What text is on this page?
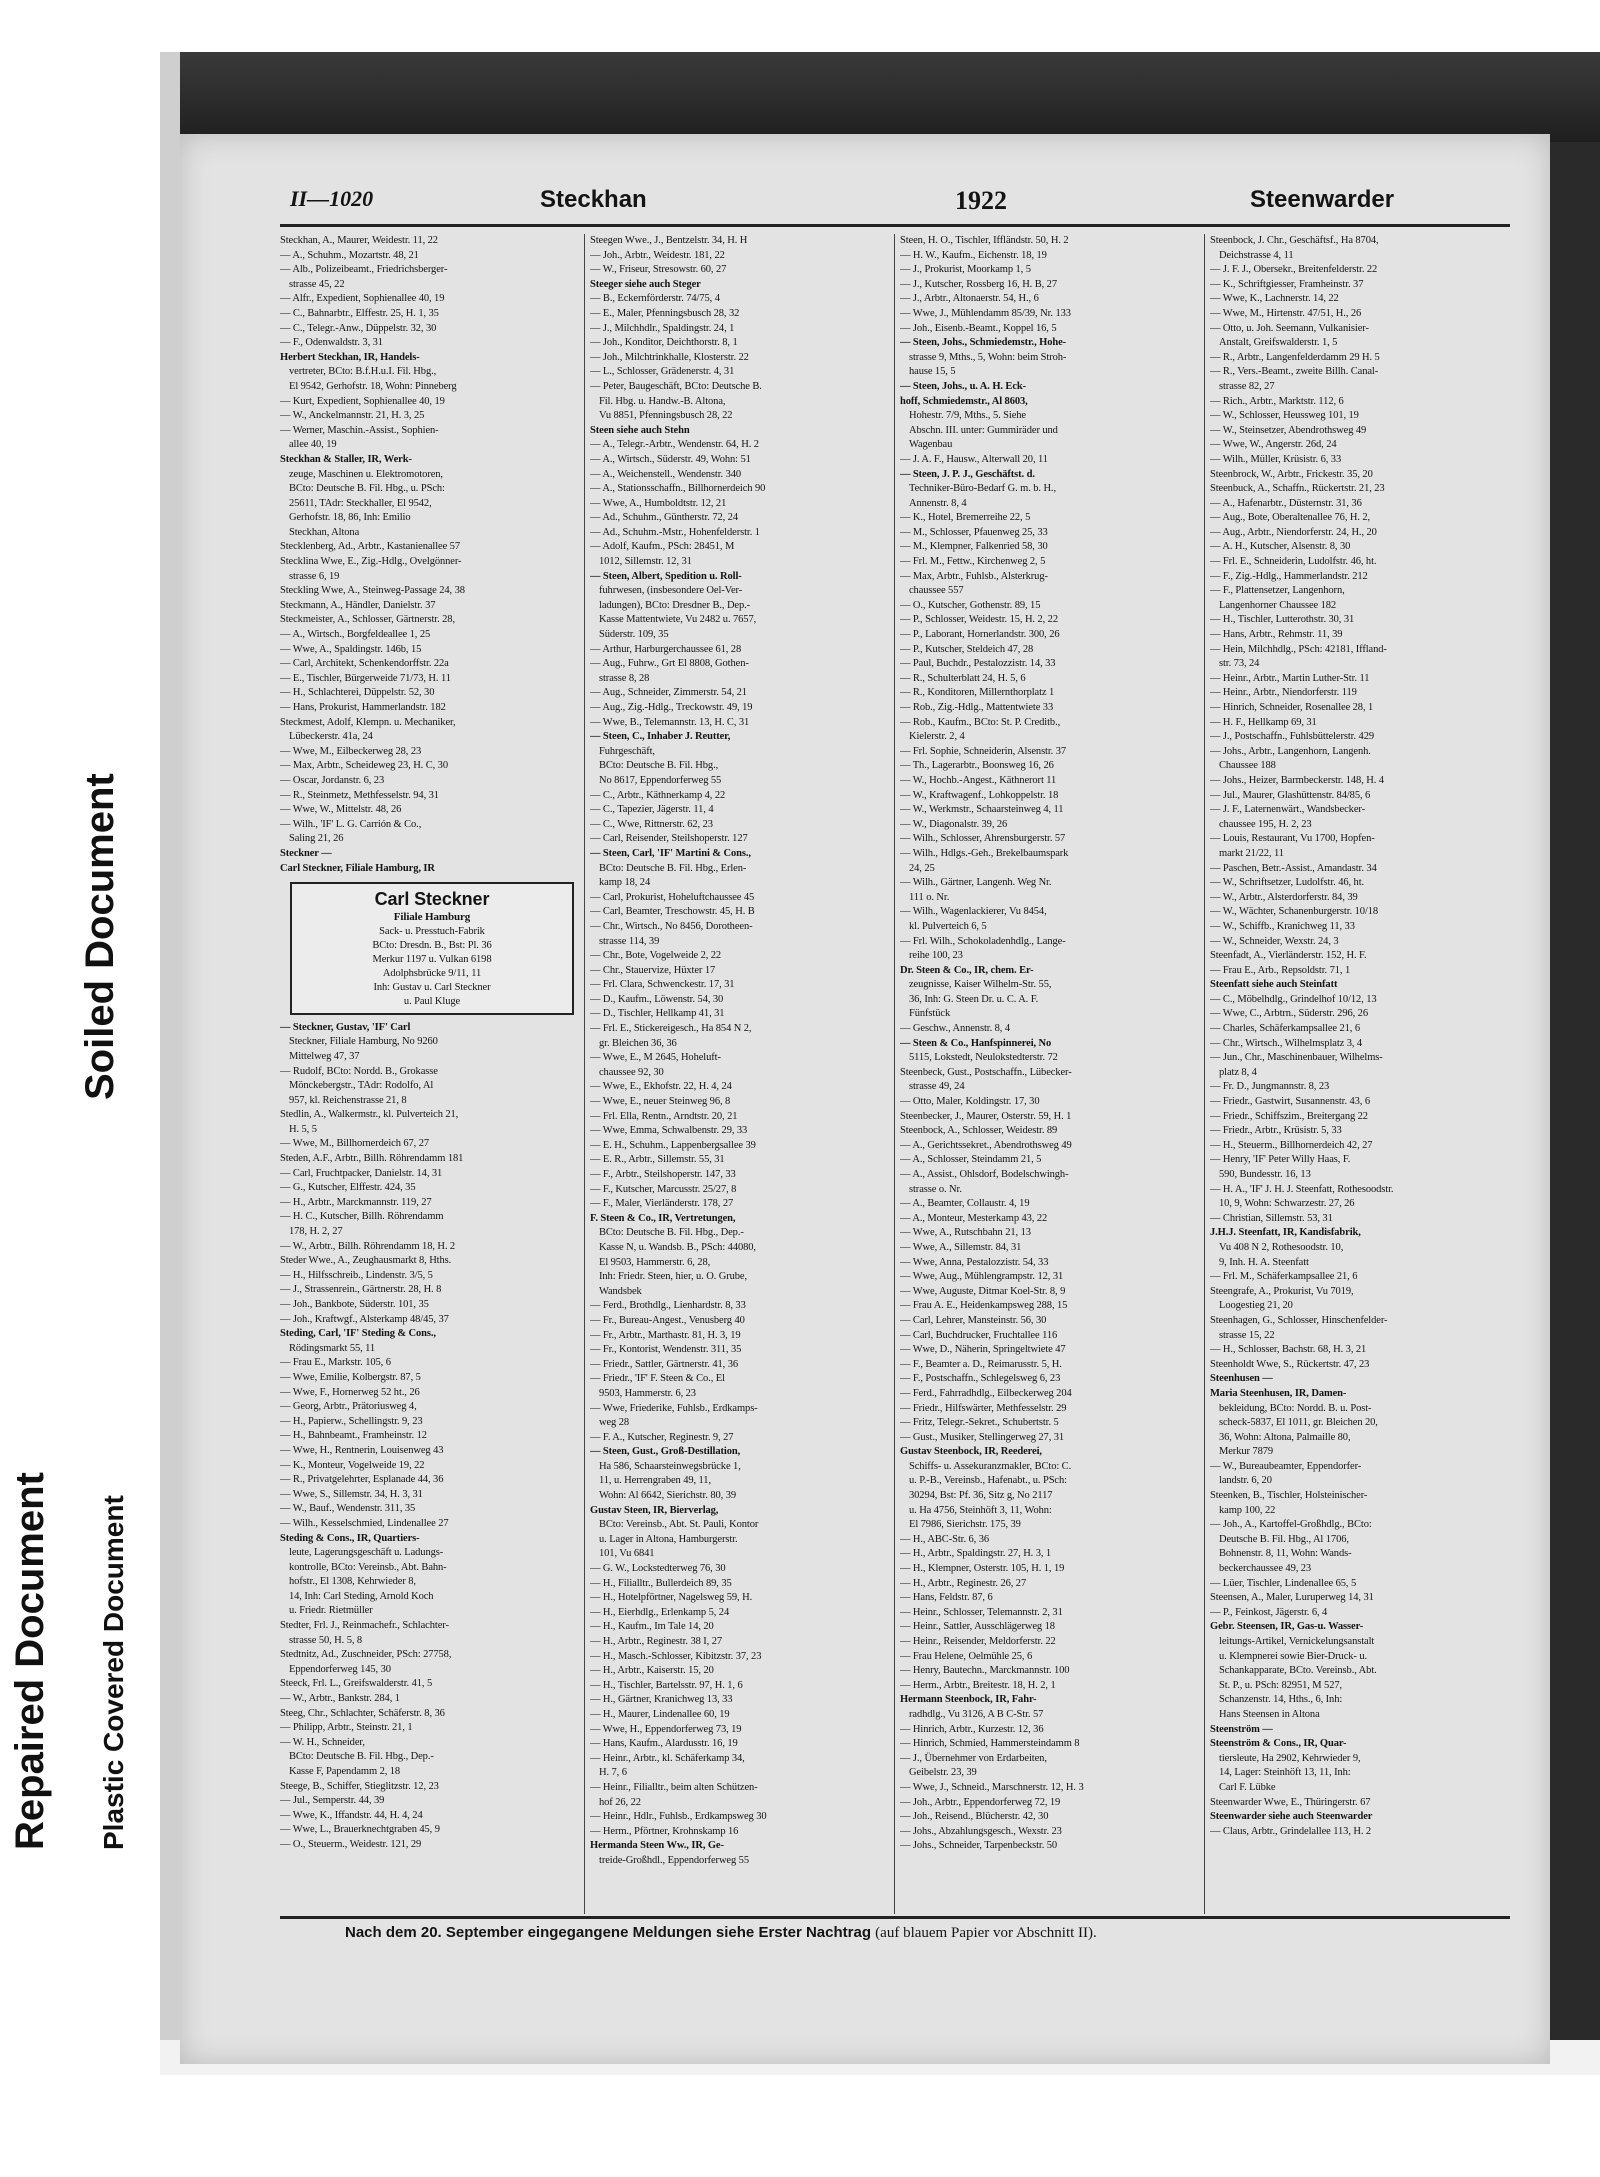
Soiled Document
Repaired Document Plastic Covered Document
II—1020	Steckhan	1922	Steenwarder
Steckhan, A., Maurer, Weidestr. 11, 22
— A., Schuhm., Mozartstr. 48, 21
— Alb., Polizeibeamt., Friedrichsberger-
strasse 45, 22
— Alfr., Expedient, Sophienallee 40, 19
— C., Bahnarbtr., Elffestr. 25, H. 1, 35
— C., Telegr.-Anw., Düppelstr. 32, 30
— F., Odenwaldstr. 3, 31
Herbert Steckhan, IR, Handels-
vertreter, BCto: B.f.H.u.I. Fil. Hbg.,
El 9542, Gerhofstr. 18, Wohn: Pinneberg
— Kurt, Expedient, Sophienallee 40, 19
— W., Anckelmannstr. 21, H. 3, 25
— Werner, Maschin.-Assist., Sophien-
allee 40, 19
Steckhan & Staller, IR, Werk-
zeuge, Maschinen u. Elektromotoren,
BCto: Deutsche B. Fil. Hbg., u. PSch:
25611, TAdr: Steckhaller, El 9542,
Gerhofstr. 18, 86, Inh: Emilio
Steckhan, Altona
Stecklenberg, Ad., Arbtr., Kastanienallee 57
Stecklina Wwe, E., Zig.-Hdlg., Ovelgönner-
strasse 6, 19
Steckling Wwe, A., Steinweg-Passage 24, 38
Steckmann, A., Händler, Danielstr. 37
Steckmeister, A., Schlosser, Gärtnerstr. 28,
— A., Wirtsch., Borgfeldeallee 1, 25
— Wwe, A., Spaldingstr. 146b, 15
— Carl, Architekt, Schenkendorffstr. 22a
— E., Tischler, Bürgerweide 71/73, H. 11
— H., Schlachterei, Düppelstr. 52, 30
— Hans, Prokurist, Hammerlandstr. 182
Steckmest, Adolf, Klempn. u. Mechaniker,
Lübeckerstr. 41a, 24
— Wwe, M., Eilbeckerweg 28, 23
— Max, Arbtr., Scheideweg 23, H. C, 30
— Oscar, Jordanstr. 6, 23
— R., Steinmetz, Methfesselstr. 94, 31
— Wwe, W., Mittelstr. 48, 26
— Wilh., 'IF' L. G. Carrión & Co.,
Saling 21, 26
Steckner —
Carl Steckner, Filiale Hamburg, IR
Carl Steckner
Filiale Hamburg
Sack- u. Presstuch-Fabrik
BCto: Dresdn. B., Bst: Pl. 36
Merkur 1197 u. Vulkan 6198
Adolphsbrücke 9/11, 11
Inh: Gustav u. Carl Steckner
u. Paul Kluge
— Steckner, Gustav, 'IF' Carl
Steckner, Filiale Hamburg, No 9260
Mittelweg 47, 37
— Rudolf, BCto: Nordd. B., Grokasse
Mönckebergstr., TAdr: Rodolfo, Al
957, kl. Reichenstrasse 21, 8
Stedlin, A., Walkermstr., kl. Pulverteich 21,
H. 5, 5
— Wwe, M., Billhornerdeich 67, 27
Steden, A.F., Arbtr., Billh. Röhrendamm 181
— Carl, Fruchtpacker, Danielstr. 14, 31
— G., Kutscher, Elffestr. 424, 35
— H., Arbtr., Marckmannstr. 119, 27
— H. C., Kutscher, Billh. Röhrendamm
178, H. 2, 27
— W., Arbtr., Billh. Röhrendamm 18, H. 2
Steder Wwe., A., Zeughausmarkt 8, Hths.
— H., Hilfsschreib., Lindenstr. 3/5, 5
— J., Strassenrein., Gärtnerstr. 28, H. 8
— Joh., Bankbote, Süderstr. 101, 35
— Joh., Kraftwgf., Alsterkamp 48/45, 37
Steding, Carl, 'IF' Steding & Cons.,
Rödingsmarkt 55, 11
— Frau E., Markstr. 105, 6
— Wwe, Emilie, Kolbergstr. 87, 5
— Wwe, F., Hornerweg 52 ht., 26
— Georg, Arbtr., Prätoriusweg 4,
— H., Papierw., Schellingstr. 9, 23
— H., Bahnbeamt., Framheinstr. 12
— Wwe, H., Rentnerin, Louisenweg 43
— K., Monteur, Vogelweide 19, 22
— R., Privatgelehrter, Esplanade 44, 36
— Wwe, S., Sillemstr. 34, H. 3, 31
— W., Bauf., Wendenstr. 311, 35
— Wilh., Kesselschmied, Lindenallee 27
Steding & Cons., IR, Quartiers-
leute, Lagerungsgeschäft u. Ladungs-
kontrolle, BCto: Vereinsb., Abt. Bahn-
hofstr., El 1308, Kehrwieder 8,
14, Inh: Carl Steding, Arnold Koch
u. Friedr. Rietmüller
Stedter, Frl. J., Reinmachefr., Schlachter-
strasse 50, H. 5, 8
Stedtnitz, Ad., Zuschneider, PSch: 27758,
Eppendorferweg 145, 30
Steeck, Frl. L., Greifswalderstr. 41, 5
— W., Arbtr., Bankstr. 284, 1
Steeg, Chr., Schlachter, Schäferstr. 8, 36
— Philipp, Arbtr., Steinstr. 21, 1
— W. H., Schneider,
BCto: Deutsche B. Fil. Hbg., Dep.-
Kasse F, Papendamm 2, 18
Steege, B., Schiffer, Stieglitzstr. 12, 23
— Jul., Semperstr. 44, 39
— Wwe, K., Iffandstr. 44, H. 4, 24
— Wwe, L., Brauerknechtgraben 45, 9
— O., Steuerm., Weidestr. 121, 29
Steegen Wwe., J., Bentzelstr. 34, H. H
— Joh., Arbtr., Weidestr. 181, 22
— W., Friseur, Stresowstr. 60, 27
Steeger siehe auch Steger
— B., Eckernförderstr. 74/75, 4
— E., Maler, Pfenningsbusch 28, 32
— J., Milchhdlr., Spaldingstr. 24, 1
— Joh., Konditor, Deichthorstr. 8, 1
— Joh., Milchtrinkhalle, Klosterstr. 22
— L., Schlosser, Grädenerstr. 4, 31
— Peter, Baugeschäft, BCto: Deutsche B.
Fil. Hbg. u. Handw.-B. Altona,
Vu 8851, Pfenningsbusch 28, 22
Steen siehe auch Stehn
— A., Telegr.-Arbtr., Wendenstr. 64, H. 2
— A., Wirtsch., Süderstr. 49, Wohn: 51
— A., Weichenstell., Wendenstr. 340
— A., Stationsschaffn., Billhornerdeich 90
— Wwe, A., Humboldtstr. 12, 21
— Ad., Schuhm., Güntherstr. 72, 24
— Ad., Schuhm.-Mstr., Hohenfelderstr. 1
— Adolf, Kaufm., PSch: 28451, M
1012, Sillemstr. 12, 31
— Steen, Albert, Spedition u. Roll-
fuhrwesen, (insbesondere Oel-Ver-
ladungen), BCto: Dresdner B., Dep.-
Kasse Mattentwiete, Vu 2482 u. 7657,
Süderstr. 109, 35
— Arthur, Harburgerchaussee 61, 28
— Aug., Fuhrw., Grt El 8808, Gothen-
strasse 8, 28
— Aug., Schneider, Zimmerstr. 54, 21
— Aug., Zig.-Hdlg., Treckowstr. 49, 19
— Wwe, B., Telemannstr. 13, H. C, 31
— Steen, C., Inhaber J. Reutter,
Fuhrgeschäft,
BCto: Deutsche B. Fil. Hbg.,
No 8617, Eppendorferweg 55
— C., Arbtr., Käthnerkamp 4, 22
— C., Tapezier, Jägerstr. 11, 4
— C., Wwe, Rittnerstr. 62, 23
— Carl, Reisender, Steilshoperstr. 127
— Steen, Carl, 'IF' Martini & Cons.,
BCto: Deutsche B. Fil. Hbg., Erlen-
kamp 18, 24
— Carl, Prokurist, Hoheluftchaussee 45
— Carl, Beamter, Treschowstr. 45, H. B
— Chr., Wirtsch., No 8456, Dorotheen-
strasse 114, 39
— Chr., Bote, Vogelweide 2, 22
— Chr., Stauervize, Hüxter 17
— Frl. Clara, Schwenckestr. 17, 31
— D., Kaufm., Löwenstr. 54, 30
— D., Tischler, Hellkamp 41, 31
— Frl. E., Stickereigesch., Ha 854 N 2,
gr. Bleichen 36, 36
— Wwe, E., M 2645, Hoheluft-
chaussee 92, 30
— Wwe, E., Ekhofstr. 22, H. 4, 24
— Wwe, E., neuer Steinweg 96, 8
— Frl. Ella, Rentn., Arndtstr. 20, 21
— Wwe, Emma, Schwalbenstr. 29, 33
— E. H., Schuhm., Lappenbergsallee 39
— E. R., Arbtr., Sillemstr. 55, 31
— F., Arbtr., Steilshoperstr. 147, 33
— F., Kutscher, Marcusstr. 25/27, 8
— F., Maler, Vierländerstr. 178, 27
F. Steen & Co., IR, Vertretungen,
BCto: Deutsche B. Fil. Hbg., Dep.-
Kasse N, u. Wandsb. B., PSch: 44080,
El 9503, Hammerstr. 6, 28,
Inh: Friedr. Steen, hier, u. O. Grube,
Wandsbek
— Ferd., Brothdlg., Lienhardstr. 8, 33
— Fr., Bureau-Angest., Venusberg 40
— Fr., Arbtr., Marthastr. 81, H. 3, 19
— Fr., Kontorist, Wendenstr. 311, 35
— Friedr., Sattler, Gärtnerstr. 41, 36
— Friedr., 'IF' F. Steen & Co., El
9503, Hammerstr. 6, 23
— Wwe, Friederike, Fuhlsb., Erdkamps-
weg 28
— F. A., Kutscher, Reginestr. 9, 27
— Steen, Gust., Groß-Destillation,
Ha 586, Schaarsteinwegsbrücke 1,
11, u. Herrengraben 49, 11,
Wohn: Al 6642, Sierichstr. 80, 39
Gustav Steen, IR, Bierverlag,
BCto: Vereinsb., Abt. St. Pauli, Kontor
u. Lager in Altona, Hamburgerstr.
101, Vu 6841
— G. W., Lockstedterweg 76, 30
— H., Filialltr., Bullerdeich 89, 35
— H., Hotelpförtner, Nagelsweg 59, H.
— H., Eierhdlg., Erlenkamp 5, 24
— H., Kaufm., Im Tale 14, 20
— H., Arbtr., Reginestr. 38 I, 27
— H., Masch.-Schlosser, Kibitzstr. 37, 23
— H., Arbtr., Kaiserstr. 15, 20
— H., Tischler, Bartelsstr. 97, H. 1, 6
— H., Gärtner, Kranichweg 13, 33
— H., Maurer, Lindenallee 60, 19
— Wwe, H., Eppendorferweg 73, 19
— Hans, Kaufm., Alardusstr. 16, 19
— Heinr., Arbtr., kl. Schäferkamp 34,
H. 7, 6
— Heinr., Filialltr., beim alten Schützen-
hof 26, 22
— Heinr., Hdlr., Fuhlsb., Erdkampsweg 30
— Herm., Pförtner, Krohnskamp 16
Hermanda Steen Ww., IR, Ge-
treide-Großhdl., Eppendorferweg 55
Steen, H. O., Tischler, Iffländstr. 50, H. 2
— H. W., Kaufm., Eichenstr. 18, 19
— J., Prokurist, Moorkamp 1, 5
— J., Kutscher, Rossberg 16, H. B, 27
— J., Arbtr., Altonaerstr. 54, H., 6
— Wwe, J., Mühlendamm 85/39, Nr. 133
— Joh., Eisenb.-Beamt., Koppel 16, 5
— Steen, Johs., Schmiedemstr., Hohe-
strasse 9, Mths., 5, Wohn: beim Stroh-
hause 15, 5
— Steen, Johs., u. A. H. Eck-
hoff, Schmiedemstr., Al 8603,
Hohestr. 7/9, Mths., 5. Siehe
Abschn. III. unter: Gummiräder und
Wagenbau
— J. A. F., Hausw., Alterwall 20, 11
— Steen, J. P. J., Geschäftst. d.
Techniker-Büro-Bedarf G. m. b. H.,
Annenstr. 8, 4
— K., Hotel, Bremerreihe 22, 5
— M., Schlosser, Pfauenweg 25, 33
— M., Klempner, Falkenried 58, 30
— Frl. M., Fettw., Kirchenweg 2, 5
— Max, Arbtr., Fuhlsb., Alsterkrug-
chaussee 557
— O., Kutscher, Gothenstr. 89, 15
— P., Schlosser, Weidestr. 15, H. 2, 22
— P., Laborant, Hornerlandstr. 300, 26
— P., Kutscher, Steldeich 47, 28
— Paul, Buchdr., Pestalozzistr. 14, 33
— R., Schulterblatt 24, H. 5, 6
— R., Konditoren, Millernthorplatz 1
— Rob., Zig.-Hdlg., Mattentwiete 33
— Rob., Kaufm., BCto: St. P. Creditb.,
Kielerstr. 2, 4
— Frl. Sophie, Schneiderin, Alsenstr. 37
— Th., Lagerarbtr., Boonsweg 16, 26
— W., Hochb.-Angest., Käthnerort 11
— W., Kraftwagenf., Lohkoppelstr. 18
— W., Werkmstr., Schaarsteinweg 4, 11
— W., Diagonalstr. 39, 26
— Wilh., Schlosser, Ahrensburgerstr. 57
— Wilh., Hdlgs.-Geh., Brekelbaumspark
24, 25
— Wilh., Gärtner, Langenh. Weg Nr.
111 o. Nr.
— Wilh., Wagenlackierer, Vu 8454,
kl. Pulverteich 6, 5
— Frl. Wilh., Schokoladenhdlg., Lange-
reihe 100, 23
Dr. Steen & Co., IR, chem. Er-
zeugnisse, Kaiser Wilhelm-Str. 55,
36, Inh: G. Steen Dr. u. C. A. F.
Fünfstück
— Geschw., Annenstr. 8, 4
— Steen & Co., Hanfspinnerei, No
5115, Lokstedt, Neulokstedterstr. 72
Steenbeck, Gust., Postschaffn., Lübecker-
strasse 49, 24
— Otto, Maler, Koldingstr. 17, 30
Steenbecker, J., Maurer, Osterstr. 59, H. 1
Steenbock, A., Schlosser, Weidestr. 89
— A., Gerichtssekret., Abendrothsweg 49
— A., Schlosser, Steindamm 21, 5
— A., Assist., Ohlsdorf, Bodelschwingh-
strasse o. Nr.
— A., Beamter, Collaustr. 4, 19
— A., Monteur, Mesterkamp 43, 22
— Wwe, A., Rutschbahn 21, 13
— Wwe, A., Sillemstr. 84, 31
— Wwe, Anna, Pestalozzistr. 54, 33
— Wwe, Aug., Mühlengrampstr. 12, 31
— Wwe, Auguste, Ditmar Koel-Str. 8, 9
— Frau A. E., Heidenkampsweg 288, 15
— Carl, Lehrer, Mansteinstr. 56, 30
— Carl, Buchdrucker, Fruchtallee 116
— Wwe, D., Näherin, Springeltwiete 47
— F., Beamter a. D., Reimarusstr. 5, H.
— F., Postschaffn., Schlegelsweg 6, 23
— Ferd., Fahrradhdlg., Eilbeckerweg 204
— Friedr., Hilfswärter, Methfesselstr. 29
— Fritz, Telegr.-Sekret., Schubertstr. 5
— Gust., Musiker, Stellingerweg 27, 31
Gustav Steenbock, IR, Reederei,
Schiffs- u. Assekuranzmakler, BCto: C.
u. P.-B., Vereinsb., Hafenabt., u. PSch:
30294, Bst: Pf. 36, Sitz g, No 2117
u. Ha 4756, Steinhöft 3, 11, Wohn:
El 7986, Sierichstr. 175, 39
— H., ABC-Str. 6, 36
— H., Arbtr., Spaldingstr. 27, H. 3, 1
— H., Klempner, Osterstr. 105, H. 1, 19
— H., Arbtr., Reginestr. 26, 27
— Hans, Feldstr. 87, 6
— Heinr., Schlosser, Telemannstr. 2, 31
— Heinr., Sattler, Ausschlägerweg 18
— Heinr., Reisender, Meldorferstr. 22
— Frau Helene, Oelmühle 25, 6
— Henry, Bautechn., Marckmannstr. 100
— Herm., Arbtr., Breitestr. 18, H. 2, 1
Hermann Steenbock, IR, Fahr-
radhdlg., Vu 3126, A B C-Str. 57
— Hinrich, Arbtr., Kurzestr. 12, 36
— Hinrich, Schmied, Hammersteindamm 8
— J., Übernehmer von Erdarbeiten,
Geibelstr. 23, 39
— Wwe, J., Schneid., Marschnerstr. 12, H. 3
— Joh., Arbtr., Eppendorferweg 72, 19
— Joh., Reisend., Blücherstr. 42, 30
— Johs., Abzahlungsgesch., Wexstr. 23
— Johs., Schneider, Tarpenbeckstr. 50
Steenbock, J. Chr., Geschäftsf., Ha 8704,
Deichstrasse 4, 11
— J. F. J., Obersekr., Breitenfelderstr. 22
— K., Schriftgiesser, Framheinstr. 37
— Wwe, K., Lachnerstr. 14, 22
— Wwe, M., Hirtenstr. 47/51, H., 26
— Otto, u. Joh. Seemann, Vulkanisier-
Anstalt, Greifswalderstr. 1, 5
— R., Arbtr., Langenfelderdamm 29 H. 5
— R., Vers.-Beamt., zweite Billh. Canal-
strasse 82, 27
— Rich., Arbtr., Marktstr. 112, 6
— W., Schlosser, Heussweg 101, 19
— W., Steinsetzer, Abendrothsweg 49
— Wwe, W., Angerstr. 26d, 24
— Wilh., Müller, Krüsistr. 6, 33
Steenbrock, W., Arbtr., Frickestr. 35, 20
Steenbuck, A., Schaffn., Rückertstr. 21, 23
— A., Hafenarbtr., Düsternstr. 31, 36
— Aug., Bote, Oberaltenallee 76, H. 2,
— Aug., Arbtr., Niendorferstr. 24, H., 20
— A. H., Kutscher, Alsenstr. 8, 30
— Frl. E., Schneiderin, Ludolfstr. 46, ht.
— F., Zig.-Hdlg., Hammerlandstr. 212
— F., Plattensetzer, Langenhorn,
Langenhorner Chaussee 182
— H., Tischler, Lutterothstr. 30, 31
— Hans, Arbtr., Rehmstr. 11, 39
— Hein, Milchhdlg., PSch: 42181, Iffland-
str. 73, 24
— Heinr., Arbtr., Martin Luther-Str. 11
— Heinr., Arbtr., Niendorferstr. 119
— Hinrich, Schneider, Rosenallee 28, 1
— H. F., Hellkamp 69, 31
— J., Postschaffn., Fuhlsbüttelerstr. 429
— Johs., Arbtr., Langenhorn, Langenh.
Chaussee 188
— Johs., Heizer, Barmbeckerstr. 148, H. 4
— Jul., Maurer, Glashüttenstr. 84/85, 6
— J. F., Laternenwärt., Wandsbecker-
chaussee 195, H. 2, 23
— Louis, Restaurant, Vu 1700, Hopfen-
markt 21/22, 11
— Paschen, Betr.-Assist., Amandastr. 34
— W., Schriftsetzer, Ludolfstr. 46, ht.
— W., Arbtr., Alsterdorferstr. 84, 39
— W., Wächter, Schanenburgerstr. 10/18
— W., Schiffb., Kranichweg 11, 33
— W., Schneider, Wexstr. 24, 3
Steenfadt, A., Vierländerstr. 152, H. F.
— Frau E., Arb., Repsoldstr. 71, 1
Steenfatt siehe auch Steinfatt
— C., Möbelhdlg., Grindelhof 10/12, 13
— Wwe, C., Arbtrn., Süderstr. 296, 26
— Charles, Schäferkampsallee 21, 6
— Chr., Wirtsch., Wilhelmsplatz 3, 4
— Jun., Chr., Maschinenbauer, Wilhelms-
platz 8, 4
— Fr. D., Jungmannstr. 8, 23
— Friedr., Gastwirt, Susannenstr. 43, 6
— Friedr., Schiffszim., Breitergang 22
— Friedr., Arbtr., Krüsistr. 5, 33
— H., Steuerm., Billhornerdeich 42, 27
— Henry, 'IF' Peter Willy Haas, F.
590, Bundesstr. 16, 13
— H. A., 'IF' J. H. J. Steenfatt, Rothesoodstr.
10, 9, Wohn: Schwarzestr. 27, 26
— Christian, Sillemstr. 53, 31
J.H.J. Steenfatt, IR, Kandisfabrik,
Vu 408 N 2, Rothesoodstr. 10,
9, Inh. H. A. Steenfatt
— Frl. M., Schäferkampsallee 21, 6
Steengrafe, A., Prokurist, Vu 7019,
Loogestieg 21, 20
Steenhagen, G., Schlosser, Hinschenfelder-
strasse 15, 22
— H., Schlosser, Bachstr. 68, H. 3, 21
Steenholdt Wwe, S., Rückertstr. 47, 23
Steenhusen —
Maria Steenhusen, IR, Damen-
bekleidung, BCto: Nordd. B. u. Post-
scheck-5837, El 1011, gr. Bleichen 20,
36, Wohn: Altona, Palmaille 80,
Merkur 7879
— W., Bureaubeamter, Eppendorfer-
landstr. 6, 20
Steenken, B., Tischler, Holsteinischer-
kamp 100, 22
— Joh., A., Kartoffel-Großhdlg., BCto:
Deutsche B. Fil. Hbg., Al 1706,
Bohnenstr. 8, 11, Wohn: Wands-
beckerchaussee 49, 23
— Lüer, Tischler, Lindenallee 65, 5
Steensen, A., Maler, Luruperweg 14, 31
— P., Feinkost, Jägerstr. 6, 4
Gebr. Steensen, IR, Gas-u. Wasser-
leitungs-Artikel, Vernickelungsanstalt
u. Klempnerei sowie Bier-Druck- u.
Schankapparate, BCto. Vereinsb., Abt.
St. P., u. PSch: 82951, M 527,
Schanzenstr. 14, Hths., 6, Inh:
Hans Steensen in Altona
Steenström —
Steenström & Cons., IR, Quar-
tiersleute, Ha 2902, Kehrwieder 9,
14, Lager: Steinhöft 13, 11, Inh:
Carl F. Lübke
Steenwarder Wwe, E., Thüringerstr. 67
Steenwarder siehe auch Steenwarder
— Claus, Arbtr., Grindelallee 113, H. 2
Nach dem 20. September eingegangene Meldungen siehe Erster Nachtrag (auf blauem Papier vor Abschnitt II).
